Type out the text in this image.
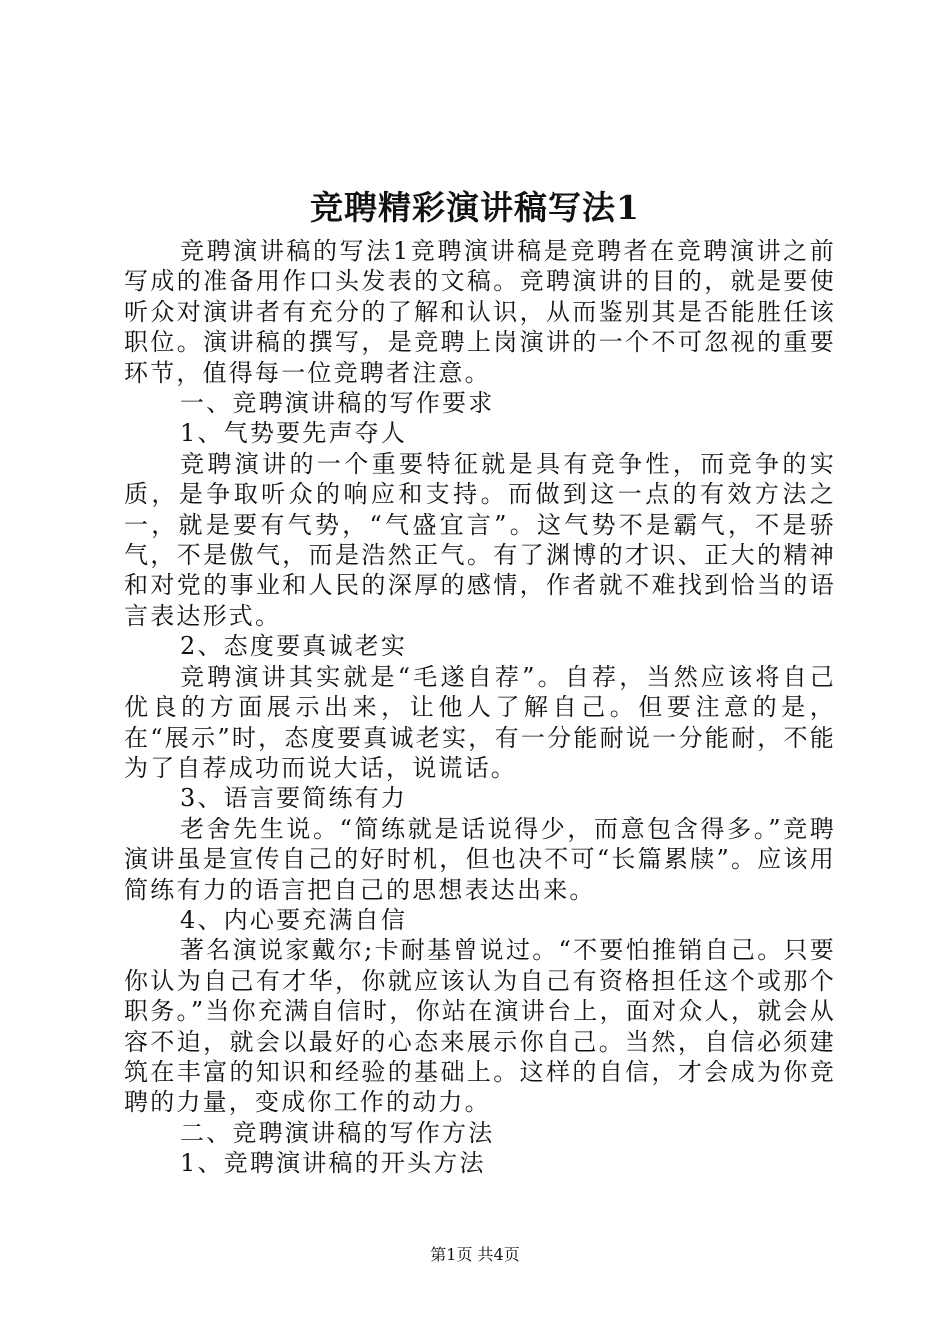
竞聘精彩演讲稿写法1

竞聘演讲稿的写法1竞聘演讲稿是竞聘者在竞聘演讲之前写成的准备用作口头发表的文稿。竞聘演讲的目的，就是要使听众对演讲者有充分的了解和认识，从而鉴别其是否能胜任该职位。演讲稿的撰写，是竞聘上岗演讲的一个不可忽视的重要环节，值得每一位竞聘者注意。

一、竞聘演讲稿的写作要求

1、气势要先声夺人

竞聘演讲的一个重要特征就是具有竞争性，而竞争的实质，是争取听众的响应和支持。而做到这一点的有效方法之一，就是要有气势，“气盛宜言”。这气势不是霸气，不是骄气，不是傲气，而是浩然正气。有了渊博的才识、正大的精神和对党的事业和人民的深厚的感情，作者就不难找到恰当的语言表达形式。

2、态度要真诚老实

竞聘演讲其实就是“毛遂自荐”。自荐，当然应该将自己优良的方面展示出来，让他人了解自己。但要注意的是，在“展示”时，态度要真诚老实，有一分能耐说一分能耐，不能为了自荐成功而说大话，说谎话。

3、语言要简练有力

老舍先生说。“简练就是话说得少，而意包含得多。”竞聘演讲虽是宣传自己的好时机，但也决不可“长篇累牍”。应该用简练有力的语言把自己的思想表达出来。

4、内心要充满自信

著名演说家戴尔;卡耐基曾说过。“不要怕推销自己。只要你认为自己有才华，你就应该认为自己有资格担任这个或那个职务。”当你充满自信时，你站在演讲台上，面对众人，就会从容不迫，就会以最好的心态来展示你自己。当然，自信必须建筑在丰富的知识和经验的基础上。这样的自信，才会成为你竞聘的力量，变成你工作的动力。

二、竞聘演讲稿的写作方法

1、竞聘演讲稿的开头方法

第1页 共4页
